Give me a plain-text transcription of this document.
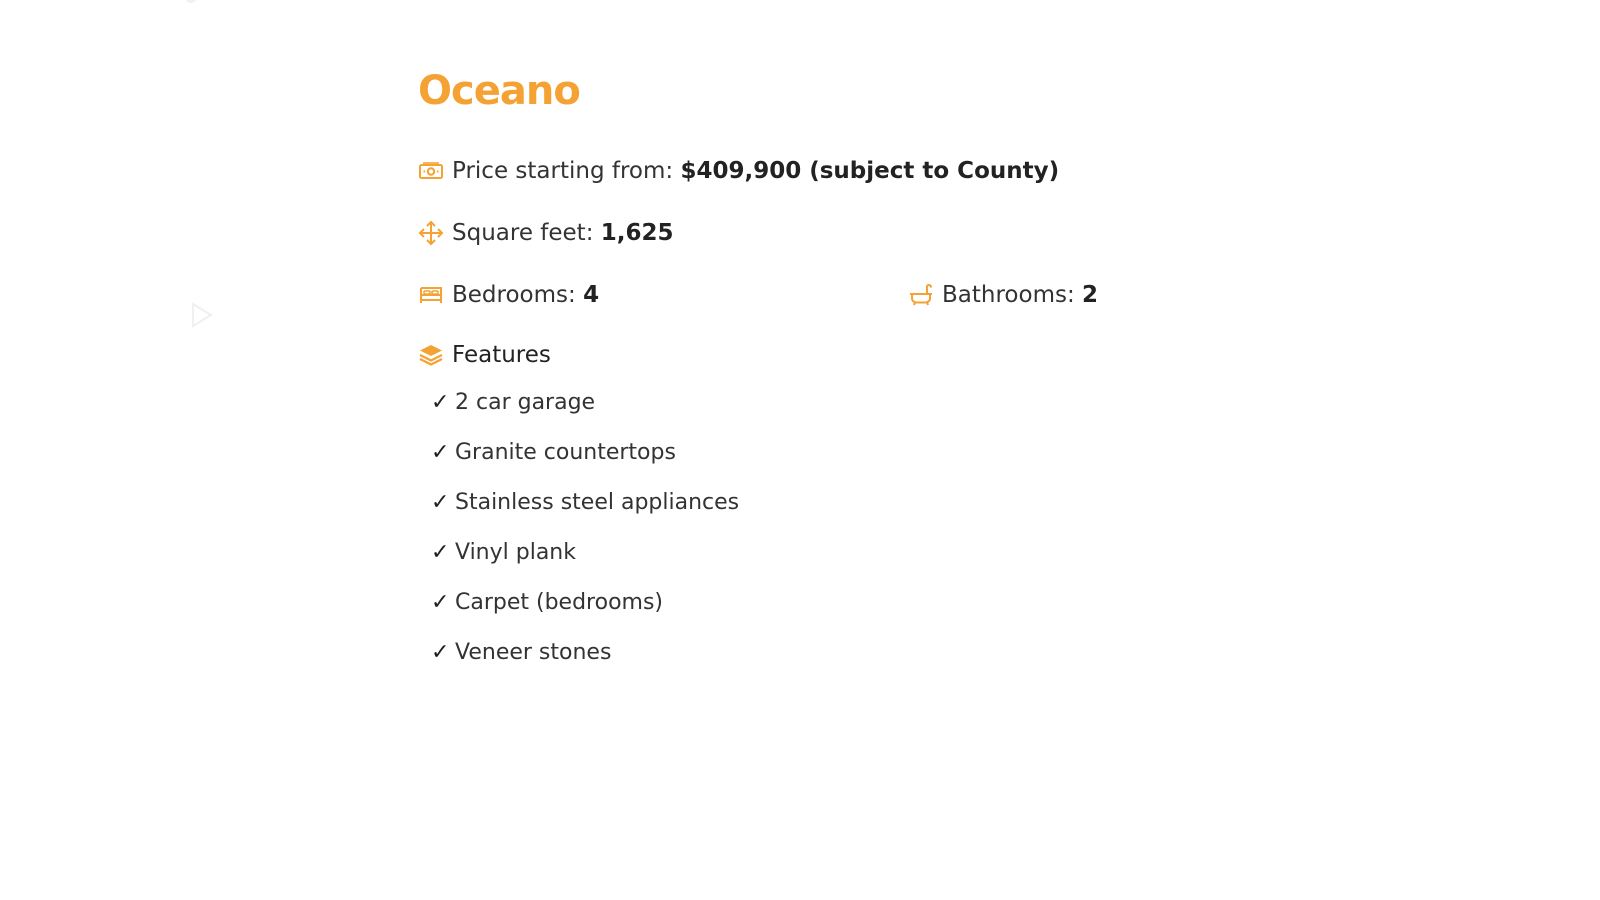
Oceano
Price starting from:
$409,900 (subject to County)
Square feet:
1,625
Bedrooms:
4	Bathrooms:
2
Features
✓ 2 car garage
✓ Granite countertops
✓ Stainless steel appliances
✓ Vinyl plank
✓ Carpet (bedrooms)
✓ Veneer stones
